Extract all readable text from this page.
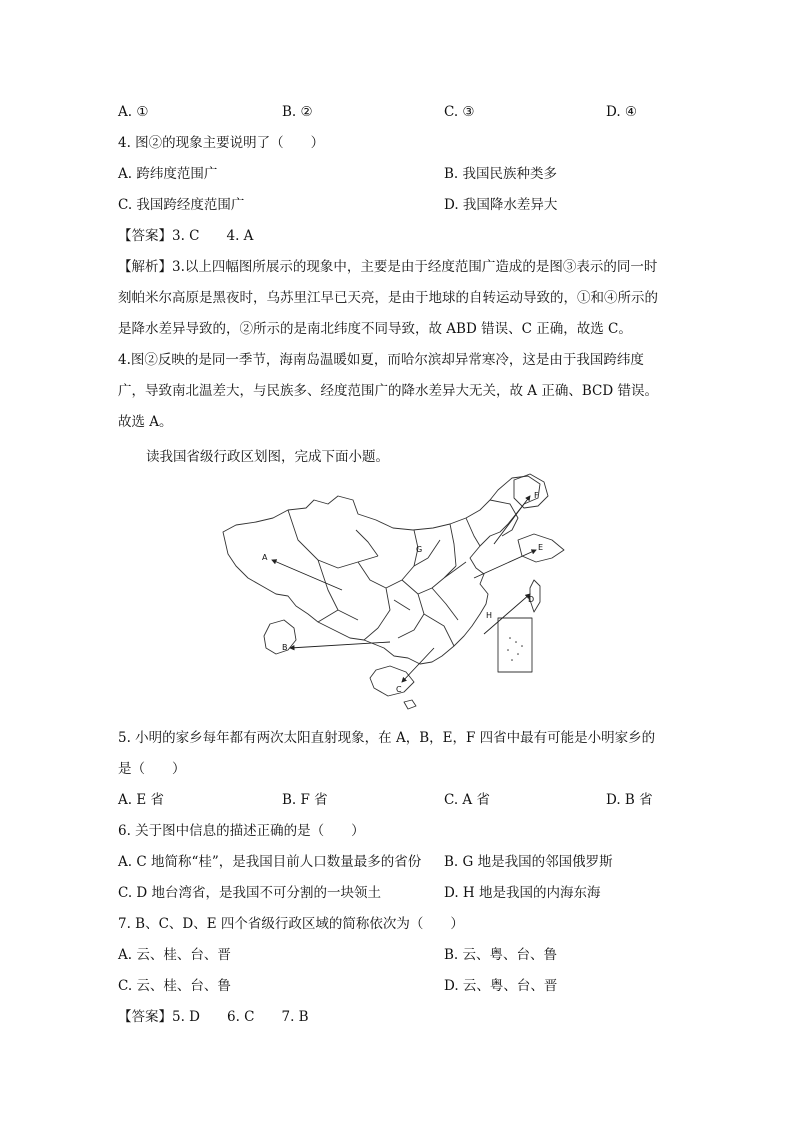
A. ①	B. ②	C. ③	D. ④
4. 图②的现象主要说明了（　　）
A. 跨纬度范围广	B. 我国民族种类多
C. 我国跨经度范围广	D. 我国降水差异大
【答案】3. C　　4. A
【解析】3.以上四幅图所展示的现象中，主要是由于经度范围广造成的是图③表示的同一时
刻帕米尔高原是黑夜时，乌苏里江早已天亮，是由于地球的自转运动导致的，①和④所示的
是降水差异导致的，②所示的是南北纬度不同导致，故 ABD 错误、C 正确，故选 C。
4.图②反映的是同一季节，海南岛温暖如夏，而哈尔滨却异常寒冷，这是由于我国跨纬度
广，导致南北温差大，与民族多、经度范围广的降水差异大无关，故 A 正确、BCD 错误。
故选 A。
读我国省级行政区划图，完成下面小题。
A
B
C
D
E
F
G
H
5. 小明的家乡每年都有两次太阳直射现象，在 A，B，E，F 四省中最有可能是小明家乡的
是（　　）
A. E 省	B. F 省	C. A 省	D. B 省
6. 关于图中信息的描述正确的是（　　）
A. C 地简称“桂”，是我国目前人口数量最多的省份 B. G 地是我国的邻国俄罗斯
C. D 地台湾省，是我国不可分割的一块领土	D. H 地是我国的内海东海
7. B、C、D、E 四个省级行政区域的简称依次为（　　）
A. 云、桂、台、晋	B. 云、粤、台、鲁
C. 云、桂、台、鲁	D. 云、粤、台、晋
【答案】5. D　　6. C　　7. B
